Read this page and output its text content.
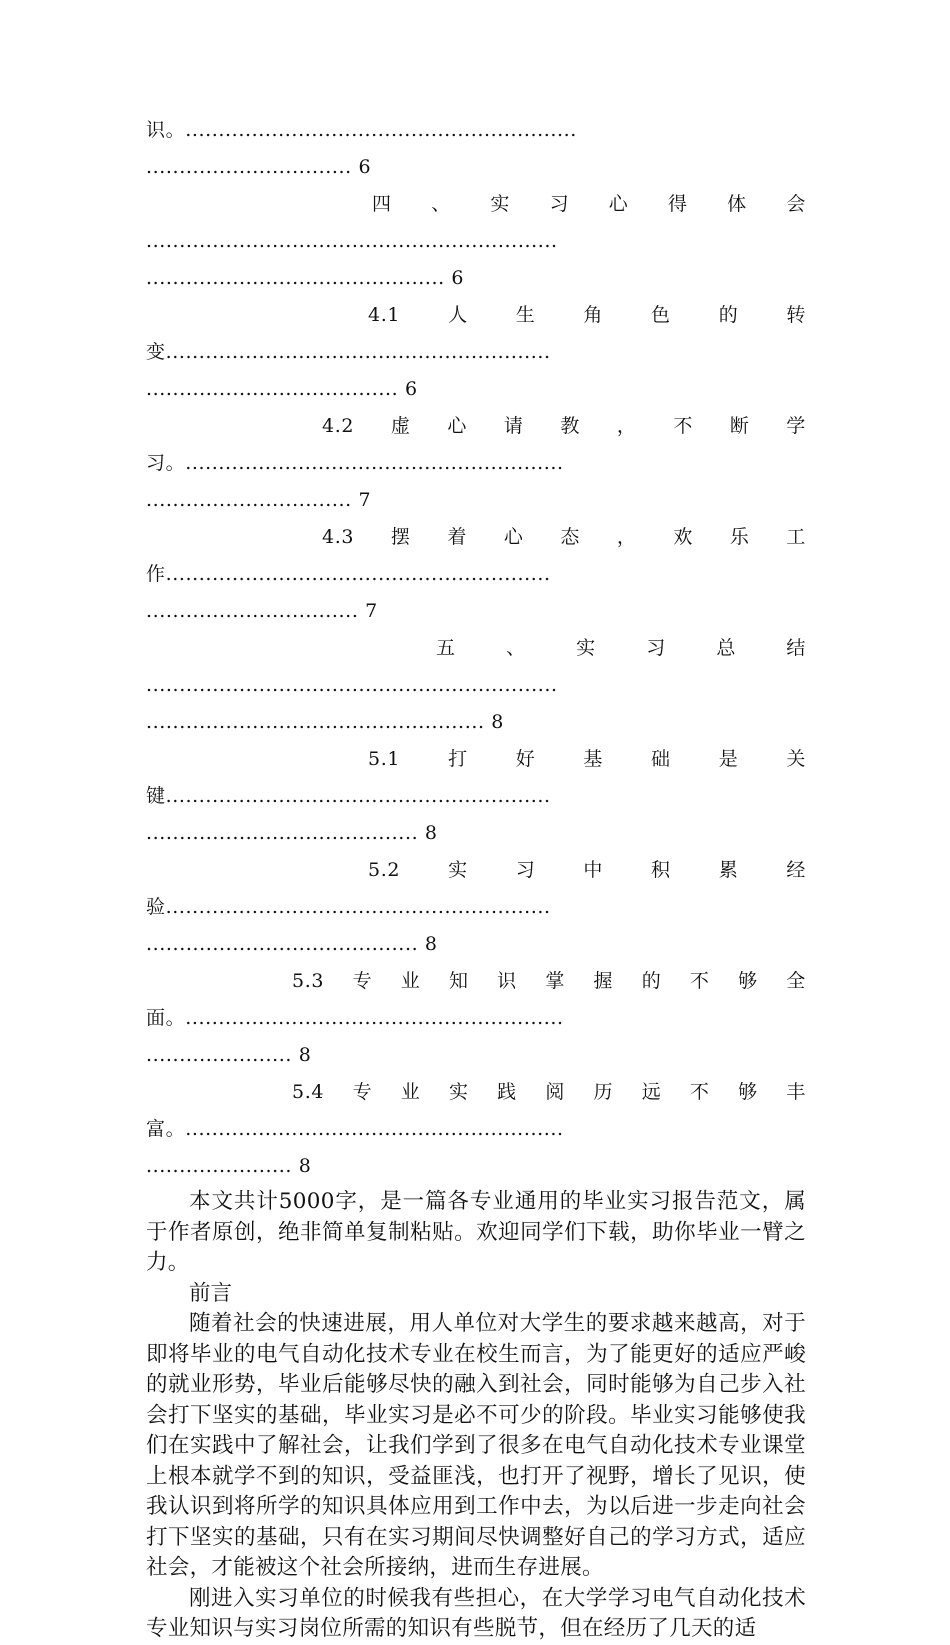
识。...........................................................
............................... 6
四 、 实 习 心 得 体 会
..............................................................
............................................. 6
4.1	人	生	角	色	的	转
变..........................................................
...................................... 6
4.2 虚 心 请 教 ， 不 断 学
习。.........................................................
............................... 7
4.3 摆 着 心 态 ， 欢 乐 工
作..........................................................
................................ 7
五	、	实	习	总	结
..............................................................
................................................... 8
5.1	打	好	基	础	是	关
键..........................................................
......................................... 8
5.2	实	习	中	积	累	经
验..........................................................
......................................... 8
5.3 专 业 知 识 掌 握 的 不 够 全
面。.........................................................
...................... 8
5.4 专 业 实 践 阅 历 远 不 够 丰
富。.........................................................
...................... 8

本文共计5000字，是一篇各专业通用的毕业实习报告范文，属于作者原创，绝非简单复制粘贴。欢迎同学们下载，助你毕业一臂之力。

前言

随着社会的快速进展，用人单位对大学生的要求越来越高，对于即将毕业的电气自动化技术专业在校生而言，为了能更好的适应严峻的就业形势，毕业后能够尽快的融入到社会，同时能够为自己步入社会打下坚实的基础，毕业实习是必不可少的阶段。毕业实习能够使我们在实践中了解社会，让我们学到了很多在电气自动化技术专业课堂上根本就学不到的知识，受益匪浅，也打开了视野，增长了见识，使我认识到将所学的知识具体应用到工作中去，为以后进一步走向社会打下坚实的基础，只有在实习期间尽快调整好自己的学习方式，适应社会，才能被这个社会所接纳，进而生存进展。

刚进入实习单位的时候我有些担心，在大学学习电气自动化技术专业知识与实习岗位所需的知识有些脱节，但在经历了几天的适
